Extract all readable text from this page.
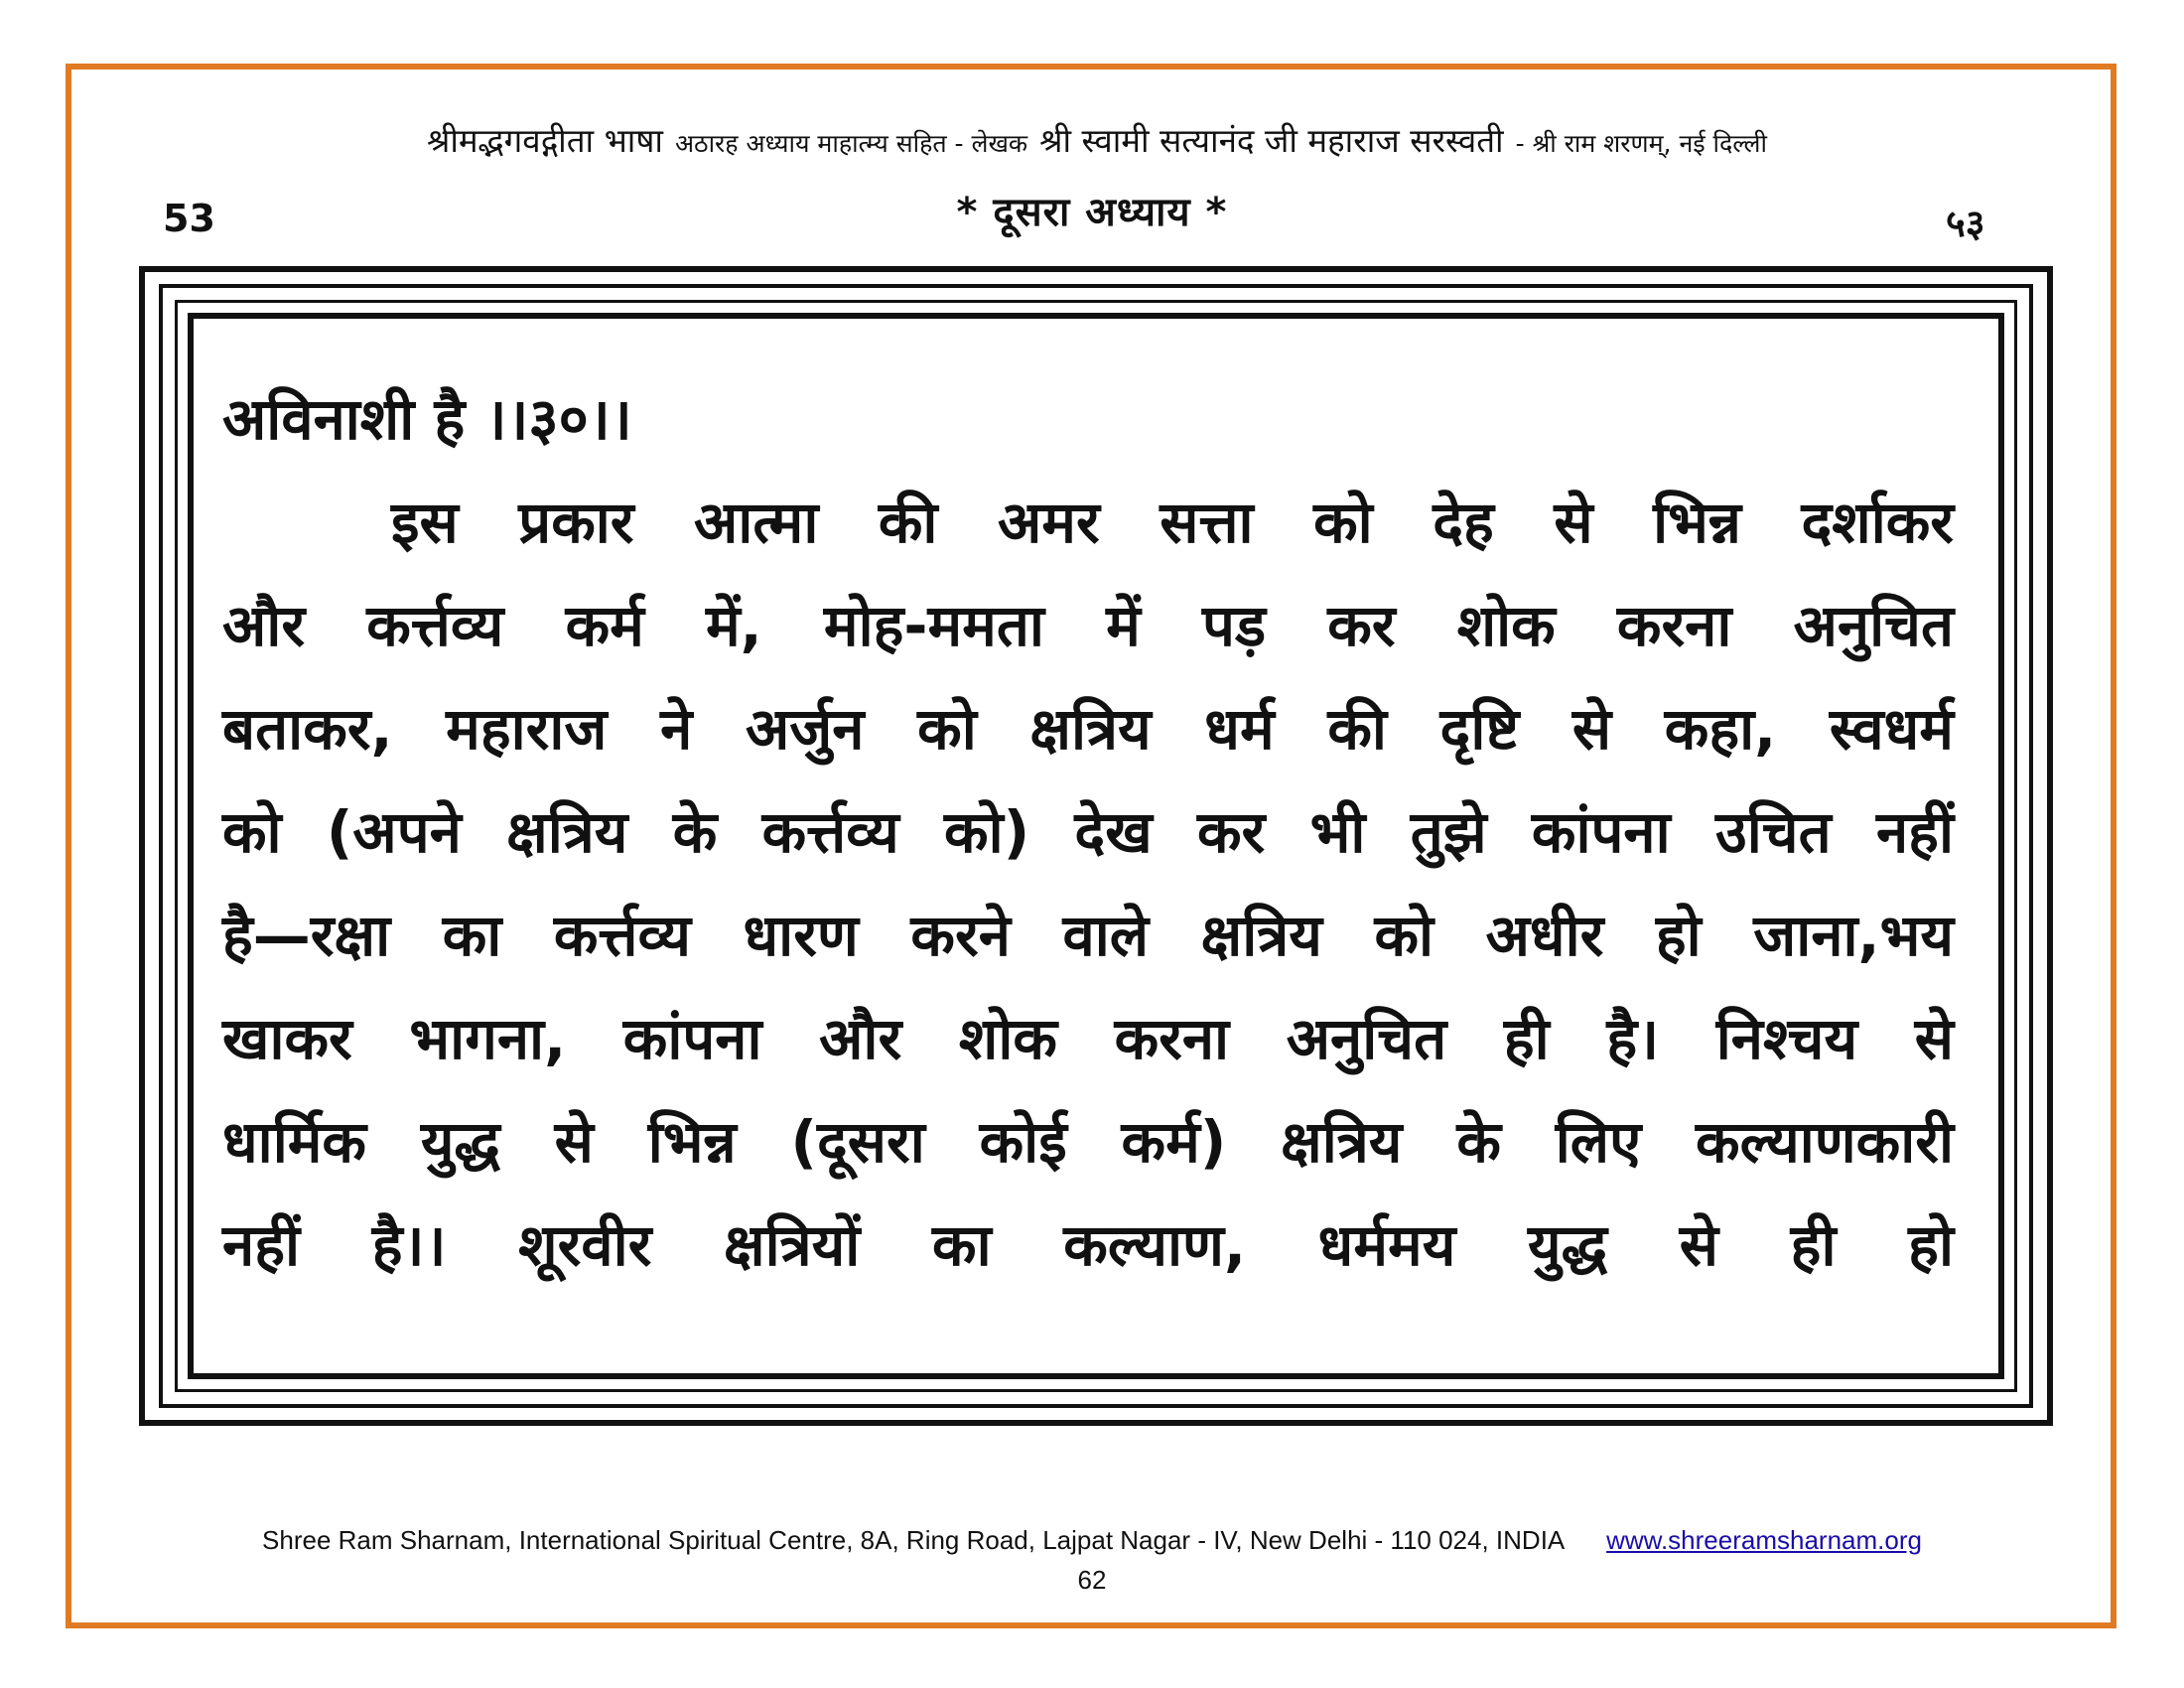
श्रीमद्भगवद्गीता भाषा अठारह अध्याय माहात्म्य सहित - लेखक श्री स्वामी सत्यानंद जी महाराज सरस्वती - श्री राम शरणम्, नई दिल्ली
53	* दूसरा अध्याय *	५३
अविनाशी है ।।३०।।
इस प्रकार आत्मा की अमर सत्ता को देह से भिन्न दर्शाकर
और कर्त्तव्य कर्म में, मोह-ममता में पड़ कर शोक करना अनुचित
बताकर, महाराज ने अर्जुन को क्षत्रिय धर्म की दृष्टि से कहा, स्वधर्म
को (अपने क्षत्रिय के कर्त्तव्य को) देख कर भी तुझे कांपना उचित नहीं
है—रक्षा का कर्त्तव्य धारण करने वाले क्षत्रिय को अधीर हो जाना,भय
खाकर भागना, कांपना और शोक करना अनुचित ही है। निश्चय से
धार्मिक युद्ध से भिन्न (दूसरा कोई कर्म) क्षत्रिय के लिए कल्याणकारी
नहीं है।। शूरवीर क्षत्रियों का कल्याण, धर्ममय युद्ध से ही हो
Shree Ram Sharnam, International Spiritual Centre, 8A, Ring Road, Lajpat Nagar - IV, New Delhi - 110 024, INDIA www.shreeramsharnam.org
62
